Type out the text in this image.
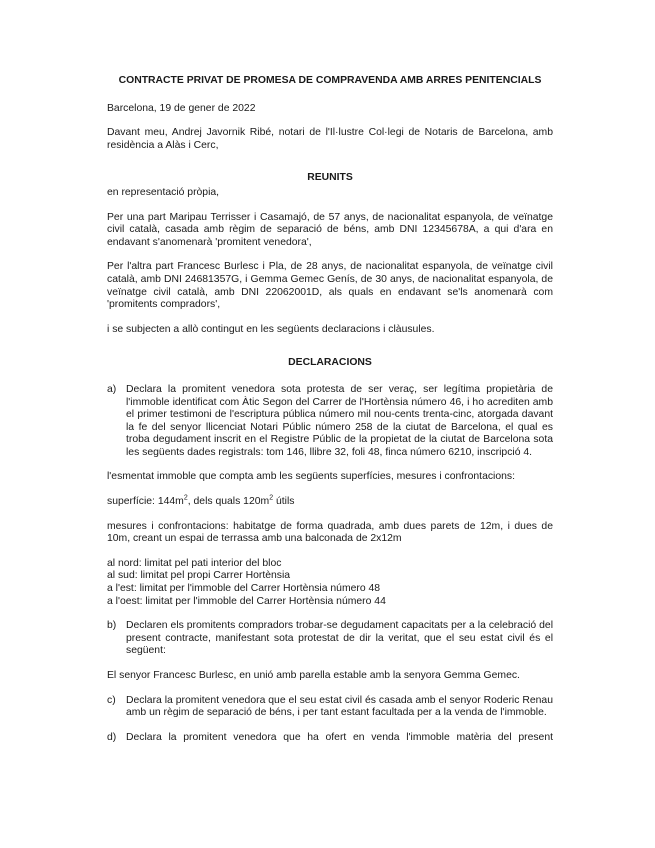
CONTRACTE PRIVAT DE PROMESA DE COMPRAVENDA AMB ARRES PENITENCIALS

Barcelona, 19 de gener de 2022

Davant meu, Andrej Javornik Ribé, notari de l'Il·lustre Col·legi de Notaris de Barcelona, amb residència a Alàs i Cerc,

REUNITS

en representació pròpia,

Per una part Maripau Terrisser i Casamajó, de 57 anys, de nacionalitat espanyola, de veïnatge civil català, casada amb règim de separació de béns, amb DNI 12345678A, a qui d'ara en endavant s'anomenarà 'promitent venedora',

Per l'altra part Francesc Burlesc i Pla, de 28 anys, de nacionalitat espanyola, de veïnatge civil català, amb DNI 24681357G, i Gemma Gemec Genís, de 30 anys, de nacionalitat espanyola, de veïnatge civil català, amb DNI 22062001D, als quals en endavant se'ls anomenarà com 'promitents compradors',

i se subjecten a allò contingut en les següents declaracions i clàusules.

DECLARACIONS
a) Declara la promitent venedora sota protesta de ser veraç, ser legítima propietària de l'immoble identificat com Àtic Segon del Carrer de l'Hortènsia número 46, i ho acrediten amb el primer testimoni de l'escriptura pública número mil nou-cents trenta-cinc, atorgada davant la fe del senyor llicenciat Notari Públic número 258 de la ciutat de Barcelona, el qual es troba degudament inscrit en el Registre Públic de la propietat de la ciutat de Barcelona sota les següents dades registrals: tom 146, llibre 32, foli 48, finca número 6210, inscripció 4.

l'esmentat immoble que compta amb les següents superfícies, mesures i confrontacions:

superfície: $144m^2$, dels quals $120m^2$ útils

mesures i confrontacions: habitatge de forma quadrada, amb dues parets de 12m, i dues de 10m, creant un espai de terrassa amb una balconada de 2x12m

al nord: limitat pel pati interior del bloc
al sud: limitat pel propi Carrer Hortènsia
a l'est: limitat per l'immoble del Carrer Hortènsia número 48
a l'oest: limitat per l'immoble del Carrer Hortènsia número 44
b) Declaren els promitents compradors trobar-se degudament capacitats per a la celebració del present contracte, manifestant sota protestat de dir la veritat, que el seu estat civil és el següent:

El senyor Francesc Burlesc, en unió amb parella estable amb la senyora Gemma Gemec.

c) Declara la promitent venedora que el seu estat civil és casada amb el senyor Roderic Renau amb un règim de separació de béns, i per tant estant facultada per a la venda de l'immoble.
d) Declara la promitent venedora que ha ofert en venda l'immoble matèria del present
